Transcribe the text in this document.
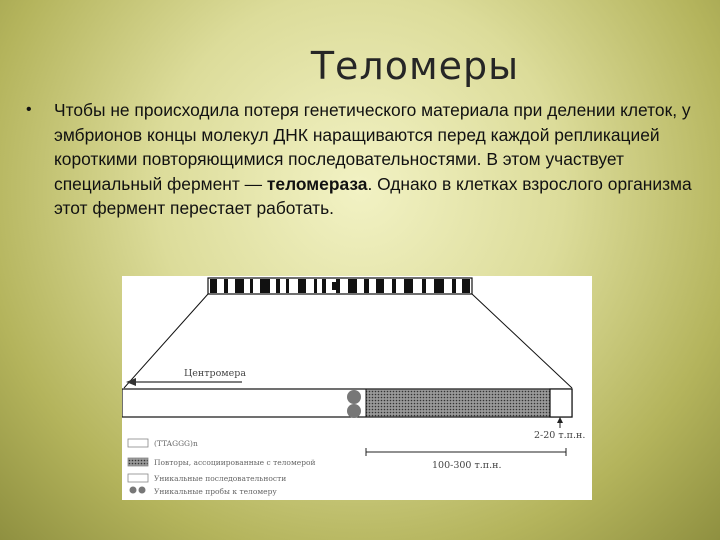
Теломеры
• Чтобы не происходила потеря генетического материала при делении клеток, у эмбрионов концы молекул ДНК наращиваются перед каждой репликацией короткими повторяющимися последовательностями. В этом участвует специальный фермент — теломераза. Однако в клетках взрослого организма этот фермент перестает работать.
Центромера
2-20 т.п.н.
100-300 т.п.н.
(TTAGGG)n
Повторы, ассоциированные с теломерой
Уникальные последовательности
Уникальные пробы к теломеру
